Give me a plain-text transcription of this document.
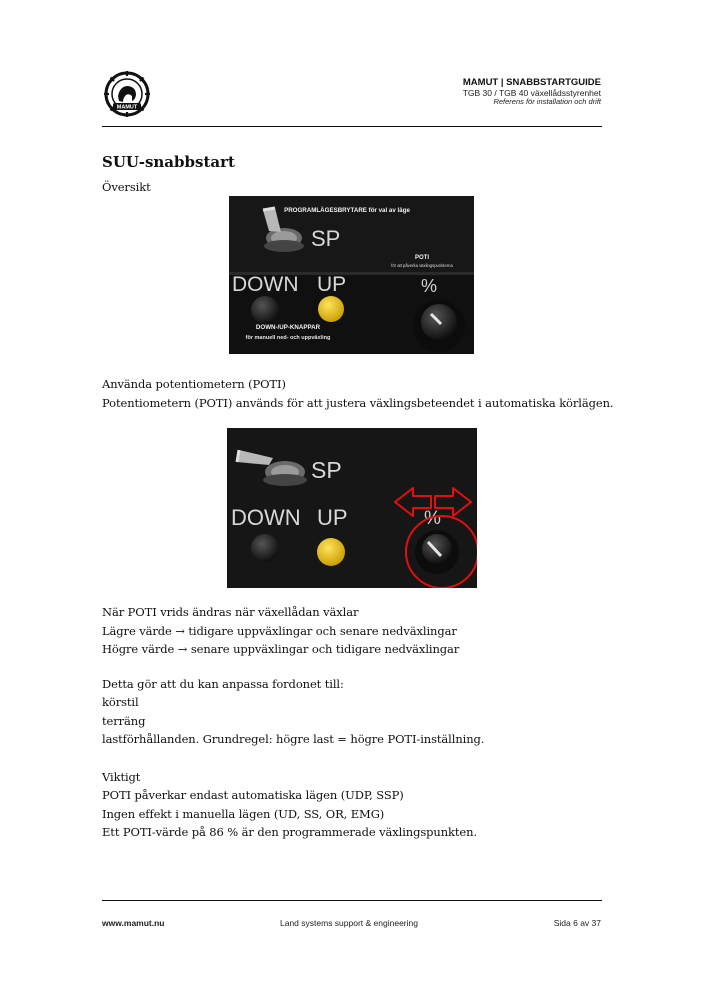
MAMUT
MAMUT | SNABBSTARTGUIDE
TGB 30 / TGB 40 växellådsstyrenhet
Referens för installation och drift
SUU-snabbstart
Översikt
SP
PROGRAMLÄGESBRYTARE för val av läge
POTI
för att påverka växlingspunkterna
DOWN UP	%
DOWN-/UP-KNAPPAR
för manuell ned- och uppväxling
Använda potentiometern (POTI)
Potentiometern (POTI) används för att justera växlingsbeteendet i automatiska körlägen.
SP
DOWN UP	%
När POTI vrids ändras när växellådan växlar
Lägre värde → tidigare uppväxlingar och senare nedväxlingar
Högre värde → senare uppväxlingar och tidigare nedväxlingar
Detta gör att du kan anpassa fordonet till:
körstil
terräng
lastförhållanden. Grundregel: högre last = högre POTI-inställning.
Viktigt
POTI påverkar endast automatiska lägen (UDP, SSP)
Ingen effekt i manuella lägen (UD, SS, OR, EMG)
Ett POTI-värde på 86 % är den programmerade växlingspunkten.
www.mamut.nu	Land systems support & engineering	Sida 6 av 37
